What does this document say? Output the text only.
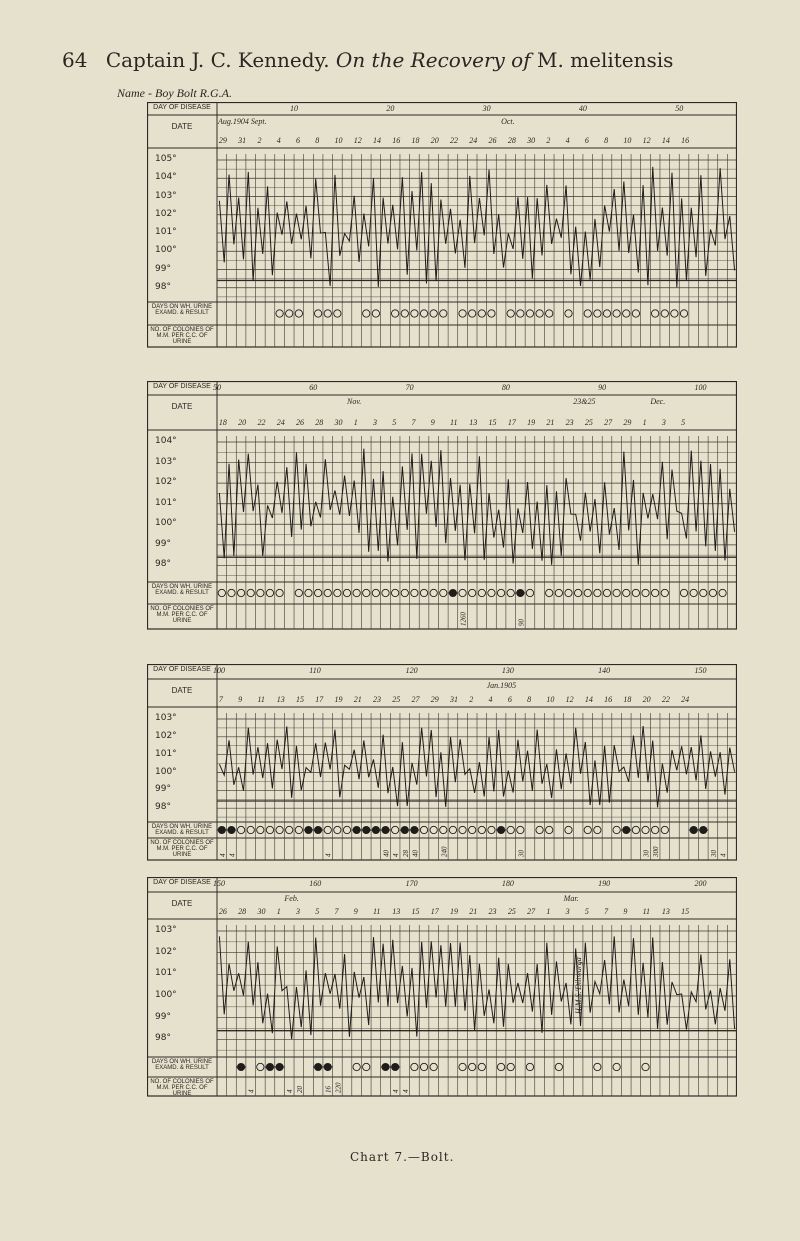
64 Captain J. C. Kennedy. On the Recovery of M. melitensis
Name - Boy Bolt R.G.A.
DAY OF DISEASE
DATE
DAYS ON WH. URINE EXAMD. & RESULT
NO. OF COLONIES OF M.M. PER C.C. OF URINE
105°
104°
103°
102°
101°
100°
99°
98°
10	20	30	40	50
29 31 2 4 6 8 10 12 14 16 18 20 22 24 26 28 30 2 4 6 8 10 12 14 16
Aug.1904 Sept.	Oct.
1260	90
DAY OF DISEASE
DATE
DAYS ON WH. URINE EXAMD. & RESULT
NO. OF COLONIES OF M.M. PER C.C. OF URINE
104°
103°
102°
101°
100°
99°
98°
50	60	70	80	90	100
18 20 22 24 26 28 30 1 3 5 7 9 11 13 15 17 19 21 23 25 27 29 1 3 5
Nov.	Dec.
23&25
4 4	4	40 4 28 40	240	30	30 300	30 4
DAY OF DISEASE
DATE
DAYS ON WH. URINE EXAMD. & RESULT
NO. OF COLONIES OF M.M. PER C.C. OF URINE
103°
102°
101°
100°
99°
98°
100	110	120	130	140	150
7 9 11 13 15 17 19 21 23 25 27 29 31 2 4 6 8 10 12 14 16 18 20 22 24
Jan.1905
4	4 20	16 220	4 4
H.M.S.'Diltwarga'
DAY OF DISEASE
DATE
DAYS ON WH. URINE EXAMD. & RESULT
NO. OF COLONIES OF M.M. PER C.C. OF URINE
103°
102°
101°
100°
99°
98°
150	160	170	180	190	200
26 28 30 1 3 5 7 9 11 13 15 17 19 21 23 25 27 1 3 5 7 9 11 13 15
Feb.	Mar.
Chart 7.—Bolt.
